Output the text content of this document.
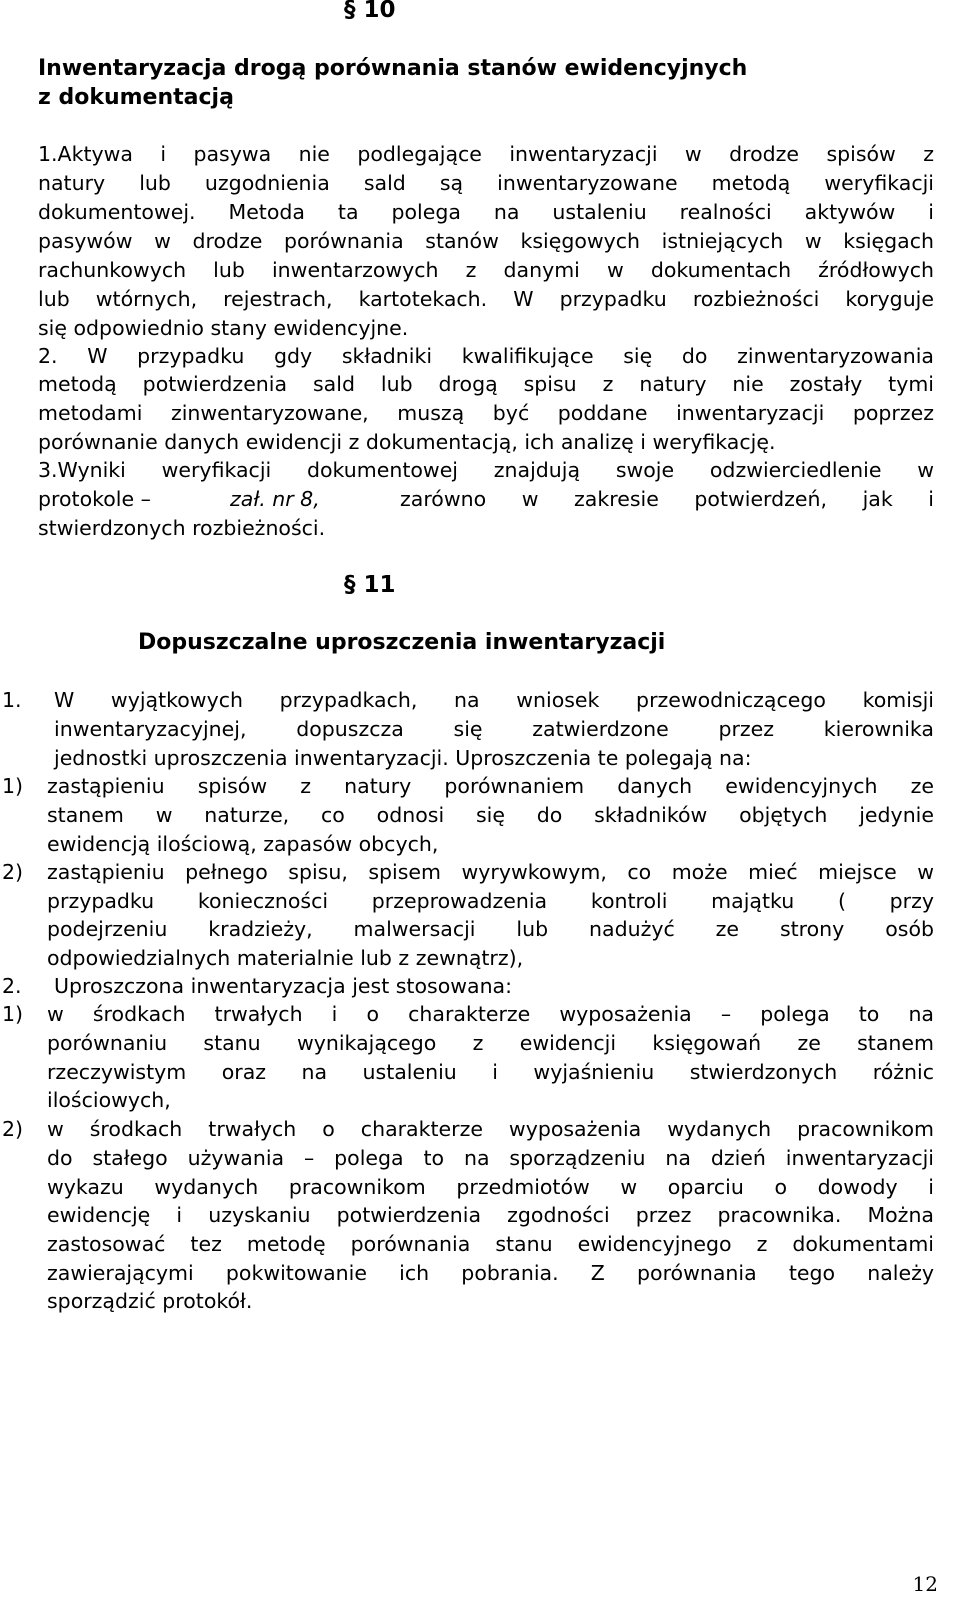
§ 10
Inwentaryzacja drogą porównania stanów ewidencyjnych
z dokumentacją
1.Aktywa i pasywa nie podlegające inwentaryzacji w drodze spisów z
natury lub uzgodnienia sald są inwentaryzowane metodą weryfikacji
dokumentowej. Metoda ta polega na ustaleniu realności aktywów i
pasywów w drodze porównania stanów księgowych istniejących w księgach
rachunkowych lub inwentarzowych z danymi w dokumentach źródłowych
lub wtórnych, rejestrach, kartotekach. W przypadku rozbieżności koryguje
się odpowiednio stany ewidencyjne.
2. W przypadku gdy składniki kwalifikujące się do zinwentaryzowania
metodą potwierdzenia sald lub drogą spisu z natury nie zostały tymi
metodami zinwentaryzowane, muszą być poddane inwentaryzacji poprzez
porównanie danych ewidencji z dokumentacją, ich analizę i weryfikację.
3.Wyniki weryfikacji dokumentowej znajdują swoje odzwierciedlenie w
protokole –	zał. nr 8,	zarówno w zakresie potwierdzeń, jak i
stwierdzonych rozbieżności.
§ 11
Dopuszczalne uproszczenia inwentaryzacji
1. W wyjątkowych przypadkach, na wniosek przewodniczącego komisji
inwentaryzacyjnej, dopuszcza się zatwierdzone przez kierownika
jednostki uproszczenia inwentaryzacji. Uproszczenia te polegają na:
1) zastąpieniu spisów z natury porównaniem danych ewidencyjnych ze
stanem w naturze, co odnosi się do składników objętych jedynie
ewidencją ilościową, zapasów obcych,
2) zastąpieniu pełnego spisu, spisem wyrywkowym, co może mieć miejsce w
przypadku konieczności przeprowadzenia kontroli majątku ( przy
podejrzeniu kradzieży, malwersacji lub nadużyć ze strony osób
odpowiedzialnych materialnie lub z zewnątrz),
2. Uproszczona inwentaryzacja jest stosowana:
1) w środkach trwałych i o charakterze wyposażenia – polega to na
porównaniu stanu wynikającego z ewidencji księgowań ze stanem
rzeczywistym oraz na ustaleniu i wyjaśnieniu stwierdzonych różnic
ilościowych,
2) w środkach trwałych o charakterze wyposażenia wydanych pracownikom
do stałego używania – polega to na sporządzeniu na dzień inwentaryzacji
wykazu wydanych pracownikom przedmiotów w oparciu o dowody i
ewidencję i uzyskaniu potwierdzenia zgodności przez pracownika. Można
zastosować tez metodę porównania stanu ewidencyjnego z dokumentami
zawierającymi pokwitowanie ich pobrania. Z porównania tego należy
sporządzić protokół.
12
